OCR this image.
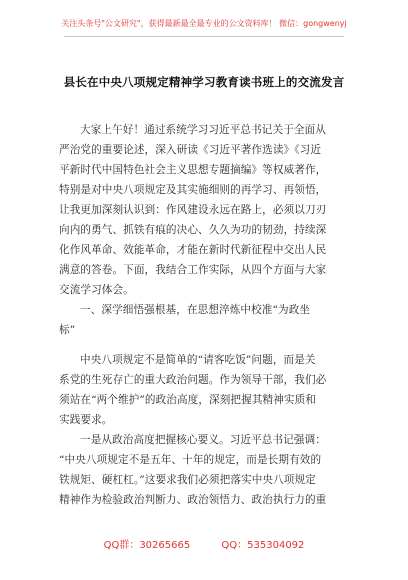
关注头条号"公文研究"，获得最新最全最专业的公文资料库！ 微信：gongwenyj
县长在中央八项规定精神学习教育读书班上的交流发言
大家上午好！通过系统学习习近平总书记关于全面从
严治党的重要论述，深入研读《习近平著作选读》《习近
平新时代中国特色社会主义思想专题摘编》等权威著作，
特别是对中央八项规定及其实施细则的再学习、再领悟，
让我更加深刻认识到：作风建设永远在路上，必须以刀刃
向内的勇气、抓铁有痕的决心、久久为功的韧劲，持续深
化作风革命、效能革命，才能在新时代新征程中交出人民
满意的答卷。下面，我结合工作实际，从四个方面与大家
交流学习体会。
一、深学细悟强根基，在思想淬炼中校准“为政坐
标”
中央八项规定不是简单的“请客吃饭”问题，而是关
系党的生死存亡的重大政治问题。作为领导干部，我们必
须站在“两个维护”的政治高度，深刻把握其精神实质和
实践要求。
一是从政治高度把握核心要义。习近平总书记强调：
“中央八项规定不是五年、十年的规定，而是长期有效的
铁规矩、硬杠杠。”这要求我们必须把落实中央八项规定
精神作为检验政治判断力、政治领悟力、政治执行力的重
QQ群：30265665	QQ：535304092
